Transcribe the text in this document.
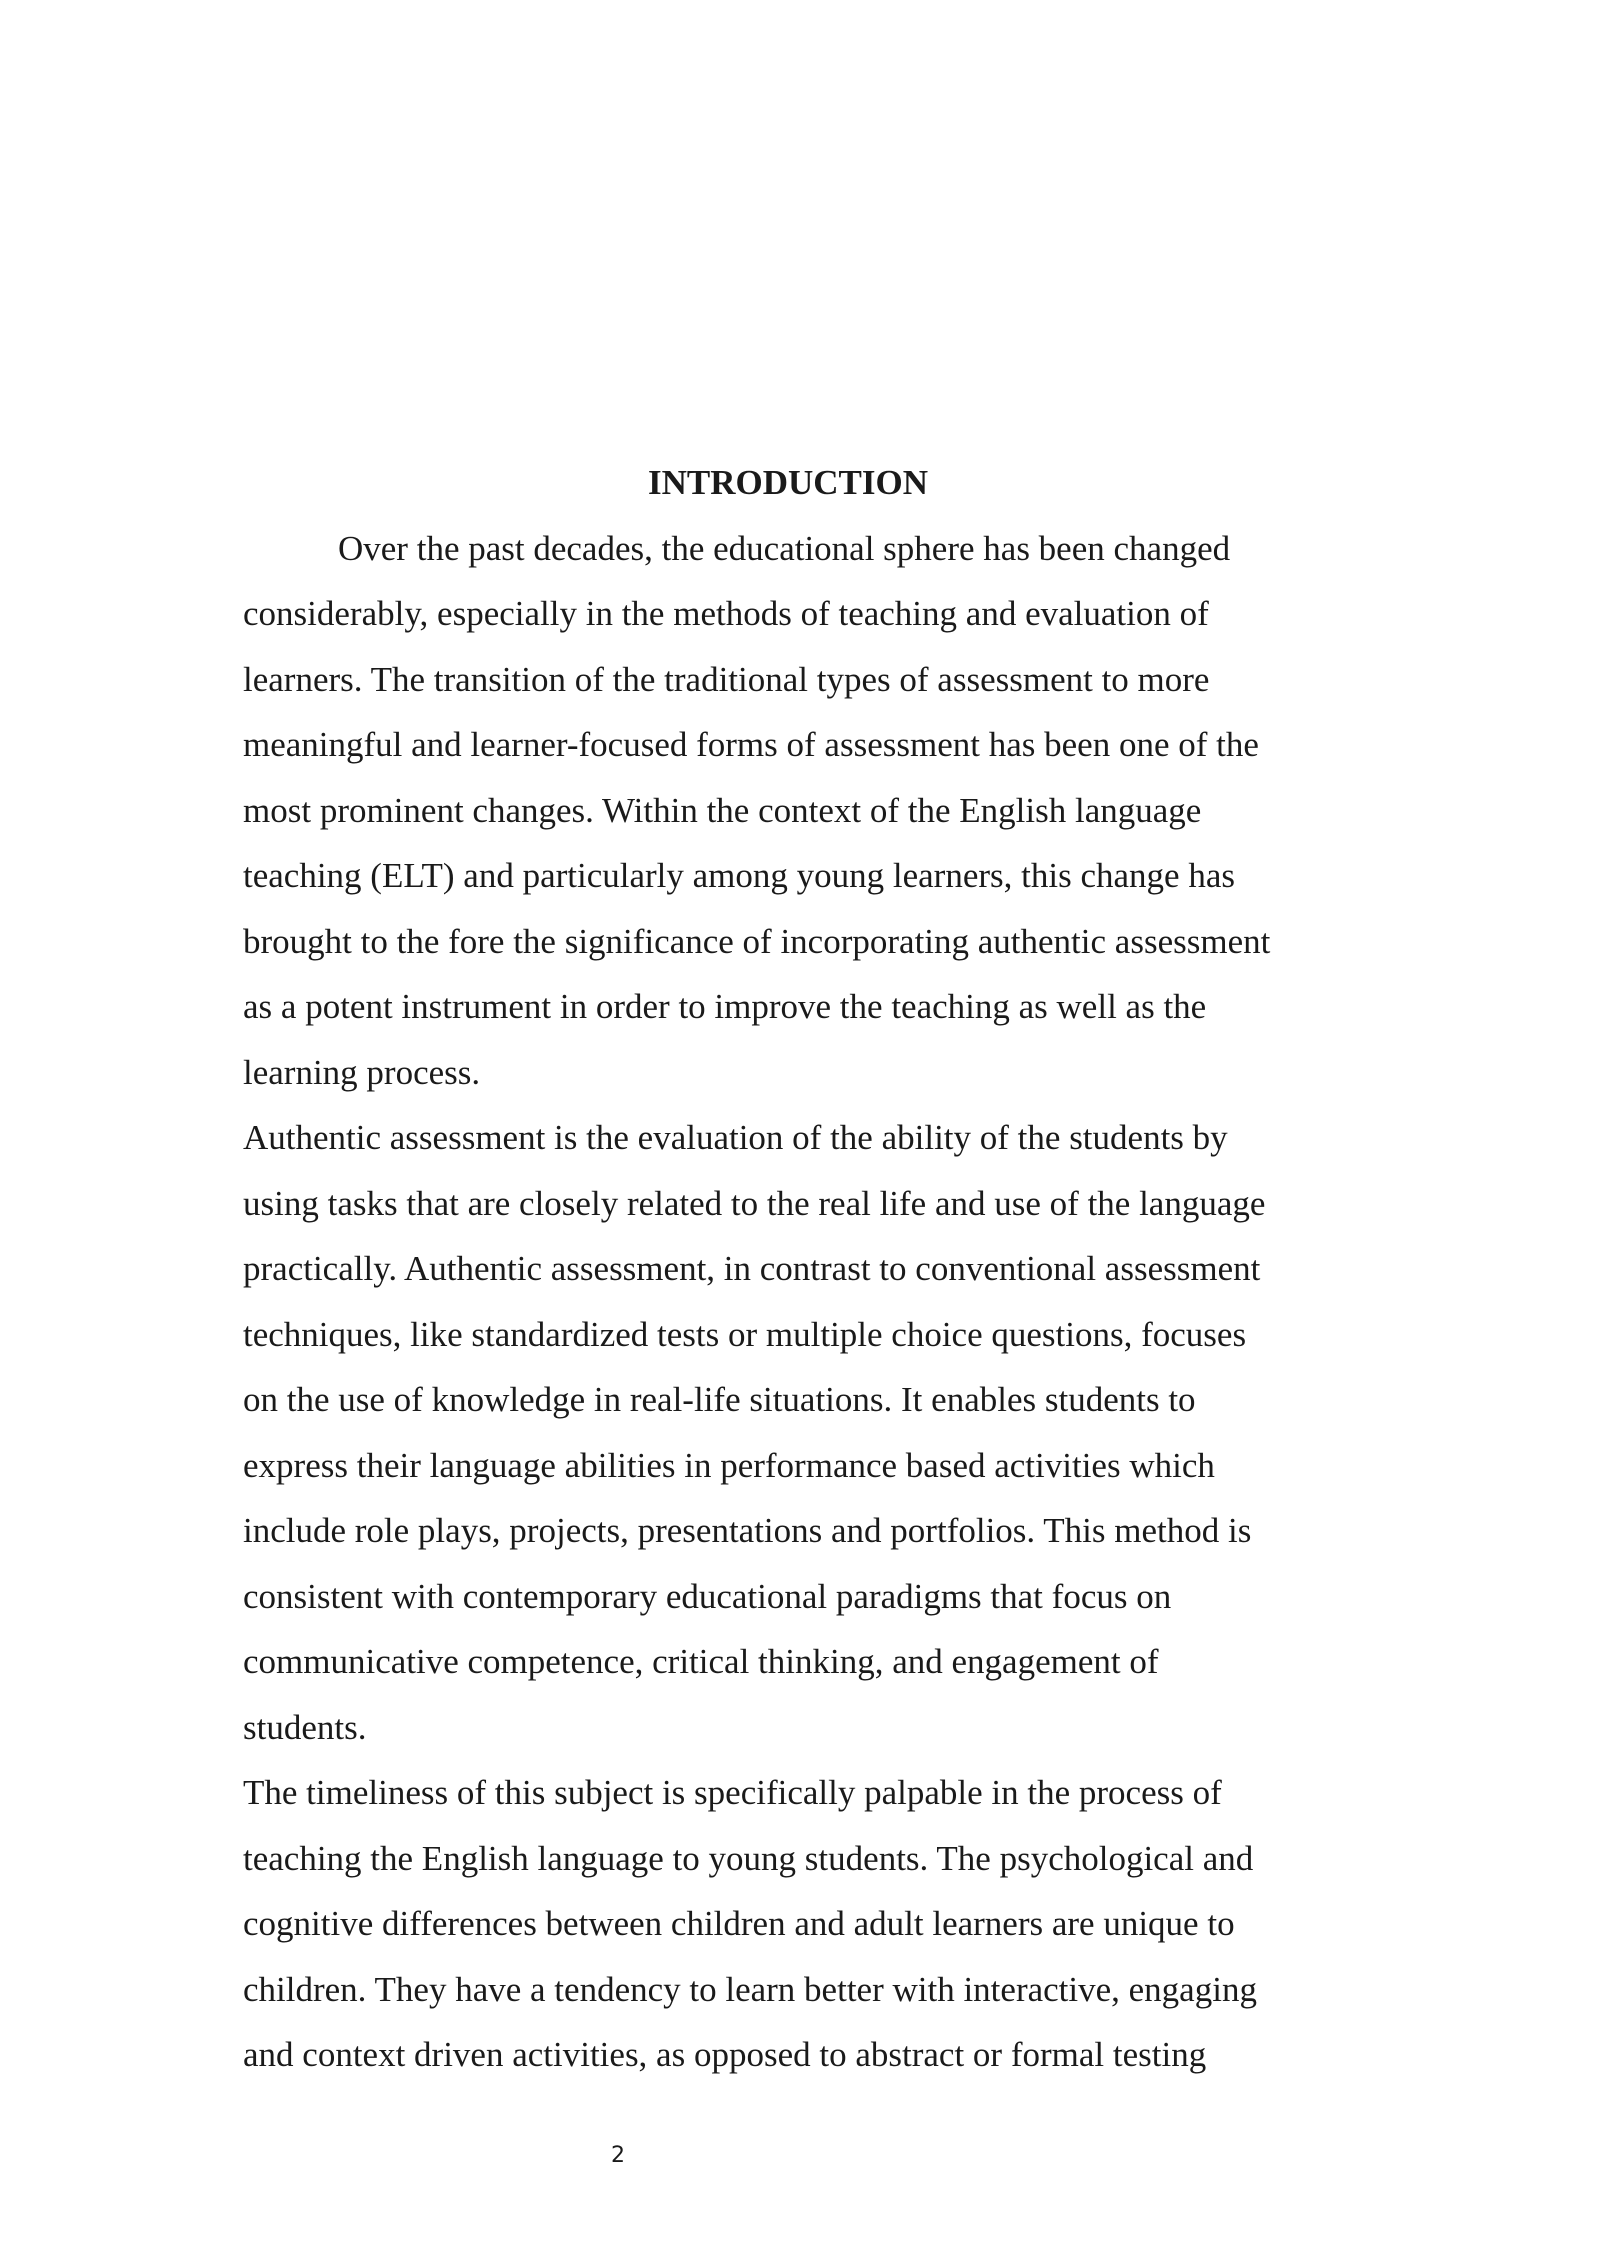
INTRODUCTION

Over the past decades, the educational sphere has been changed
considerably, especially in the methods of teaching and evaluation of
learners. The transition of the traditional types of assessment to more
meaningful and learner-focused forms of assessment has been one of the
most prominent changes. Within the context of the English language
teaching (ELT) and particularly among young learners, this change has
brought to the fore the significance of incorporating authentic assessment
as a potent instrument in order to improve the teaching as well as the
learning process.

Authentic assessment is the evaluation of the ability of the students by
using tasks that are closely related to the real life and use of the language
practically. Authentic assessment, in contrast to conventional assessment
techniques, like standardized tests or multiple choice questions, focuses
on the use of knowledge in real-life situations. It enables students to
express their language abilities in performance based activities which
include role plays, projects, presentations and portfolios. This method is
consistent with contemporary educational paradigms that focus on
communicative competence, critical thinking, and engagement of
students.

The timeliness of this subject is specifically palpable in the process of
teaching the English language to young students. The psychological and
cognitive differences between children and adult learners are unique to
children. They have a tendency to learn better with interactive, engaging
and context driven activities, as opposed to abstract or formal testing

2
